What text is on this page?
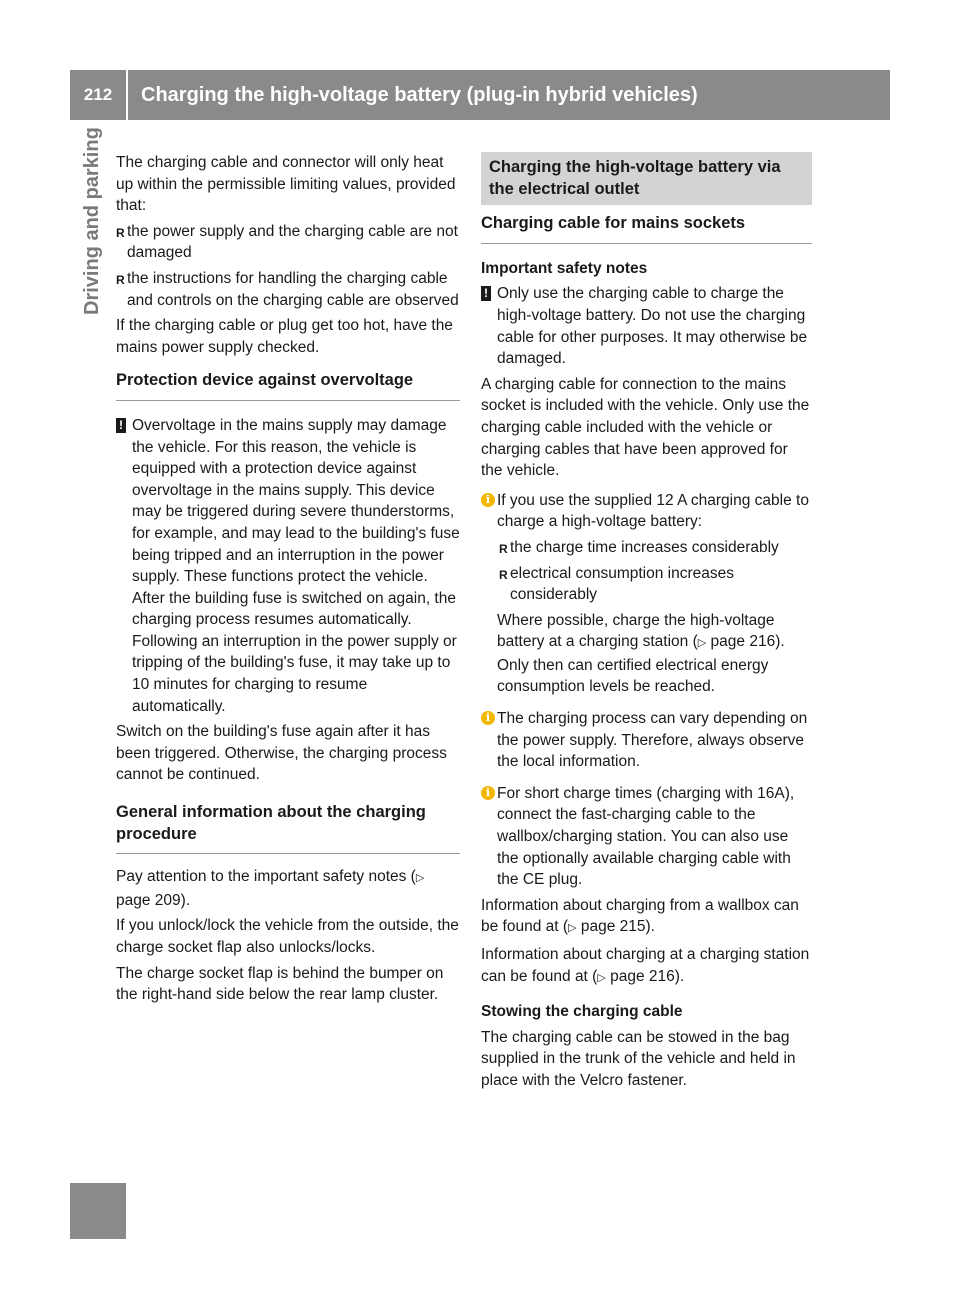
212	Charging the high-voltage battery (plug-in hybrid vehicles)
Driving and parking The charging cable and connector will only heat up within the permissible limiting values, provided that:

R the power supply and the charging cable are not damaged
R the instructions for handling the charging cable and controls on the charging cable are observed

If the charging cable or plug get too hot, have the mains power supply checked.

Protection device against overvoltage
! Overvoltage in the mains supply may damage the vehicle. For this reason, the vehicle is equipped with a protection device against overvoltage in the mains supply. This device may be triggered during severe thunderstorms, for example, and may lead to the building's fuse being tripped and an interruption in the power supply. These functions protect the vehicle. After the building fuse is switched on again, the charging process resumes automatically. Following an interruption in the power supply or tripping of the building's fuse, it may take up to 10 minutes for charging to resume automatically.

Switch on the building's fuse again after it has been triggered. Otherwise, the charging process cannot be continued.

General information about the charging procedure

Pay attention to the important safety notes (▷ page 209).

If you unlock/lock the vehicle from the outside, the charge socket flap also unlocks/locks.

The charge socket flap is behind the bumper on the right-hand side below the rear lamp cluster.

Charging the high-voltage battery via the electrical outlet
Charging cable for mains sockets
Important safety notes
! Only use the charging cable to charge the high-voltage battery. Do not use the charging cable for other purposes. It may otherwise be damaged.

A charging cable for connection to the mains socket is included with the vehicle. Only use the charging cable included with the vehicle or charging cables that have been approved for the vehicle.

i If you use the supplied 12 A charging cable to charge a high-voltage battery:
R the charge time increases considerably
R electrical consumption increases considerably
Where possible, charge the high-voltage battery at a charging station (▷ page 216). Only then can certified electrical energy consumption levels be reached.
i The charging process can vary depending on the power supply. Therefore, always observe the local information.
i For short charge times (charging with 16A), connect the fast-charging cable to the wallbox/charging station. You can also use the optionally available charging cable with the CE plug.

Information about charging from a wallbox can be found at (▷ page 215).

Information about charging at a charging station can be found at (▷ page 216).

Stowing the charging cable

The charging cable can be stowed in the bag supplied in the trunk of the vehicle and held in place with the Velcro fastener.
